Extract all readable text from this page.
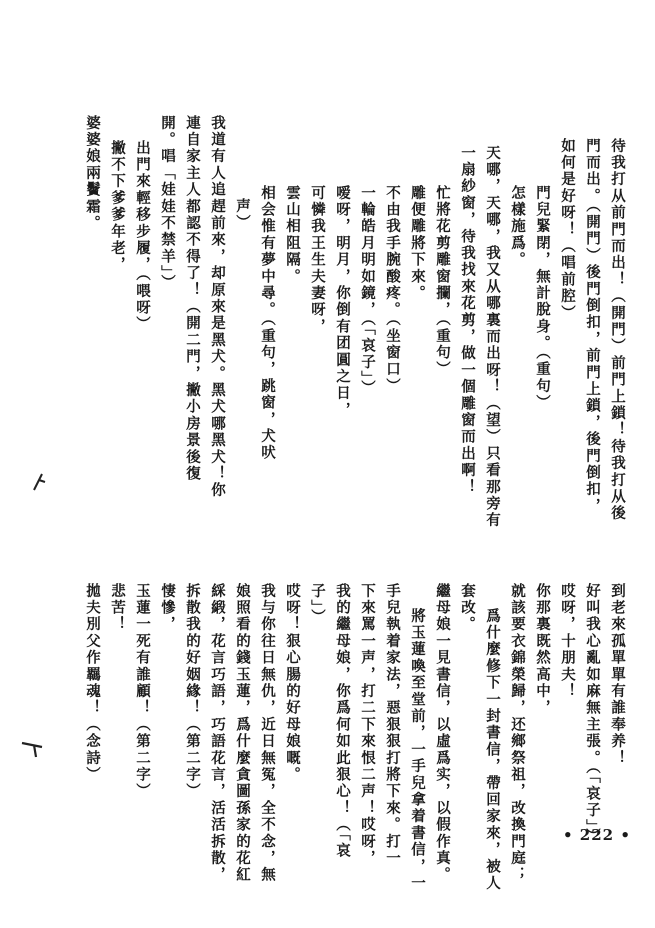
待我打从前門而出！（開門）前門上鎖！待我打从後
門而出。（開門）後門倒扣，前門上鎖，後門倒扣，
如何是好呀！（唱前腔）
門兒緊閉，無計脫身。（重句）
怎樣施爲。
天哪，天哪，我又从哪裏而出呀！（望）只看那旁有
一扇紗窗，待我找來花剪，做一個雕窗而出啊！
忙將花剪雕窗攔，（重句）
雕便雕將下來。
不由我手腕酸疼。（坐窗口）
一輪皓月明如鏡，（「哀子」）
嗳呀，明月，你倒有团圓之日，
可憐我王生夫妻呀，
雲山相阻隔。
相会惟有夢中尋。（重句，跳窗，犬吠
声）
我道有人追趕前來，却原來是黑犬。黑犬哪黑犬！你
連自家主人都認不得了！（開二門，撇小房景後復
開。唱「娃娃不禁羊」）
出門來輕移步履，（喂呀）
撇不下爹爹年老，
婆婆娘兩鬢霜。
到老來孤單單有誰奉养！
好叫我心亂如麻無主張。（「哀子」）
哎呀，十朋夫！
你那裏既然高中，
就該要衣錦榮歸，还鄉祭祖，改換門庭；
爲什麼修下一封書信，帶回家來，被人
套改。
繼母娘一見書信，以虛爲实，以假作真。
將玉蓮喚至堂前，一手兒拿着書信，一
手兒執着家法，惡狠狠打將下來。打一
下來罵一声，打二下來恨二声！哎呀，
我的繼母娘，你爲何如此狠心！（「哀
子」）
哎呀！狠心腸的好母娘嘅。
我与你往日無仇，近日無冤，全不念，無
娘照看的錢玉蓮，爲什麼貪圖孫家的花紅
綵緞，花言巧語，巧語花言，活活拆散，
拆散我的好姻緣！（第二字）
悽慘，
玉蓮一死有誰顧！（第二字）
悲苦！
拋夫別父作羈魂！（念詩）
• 222 •
